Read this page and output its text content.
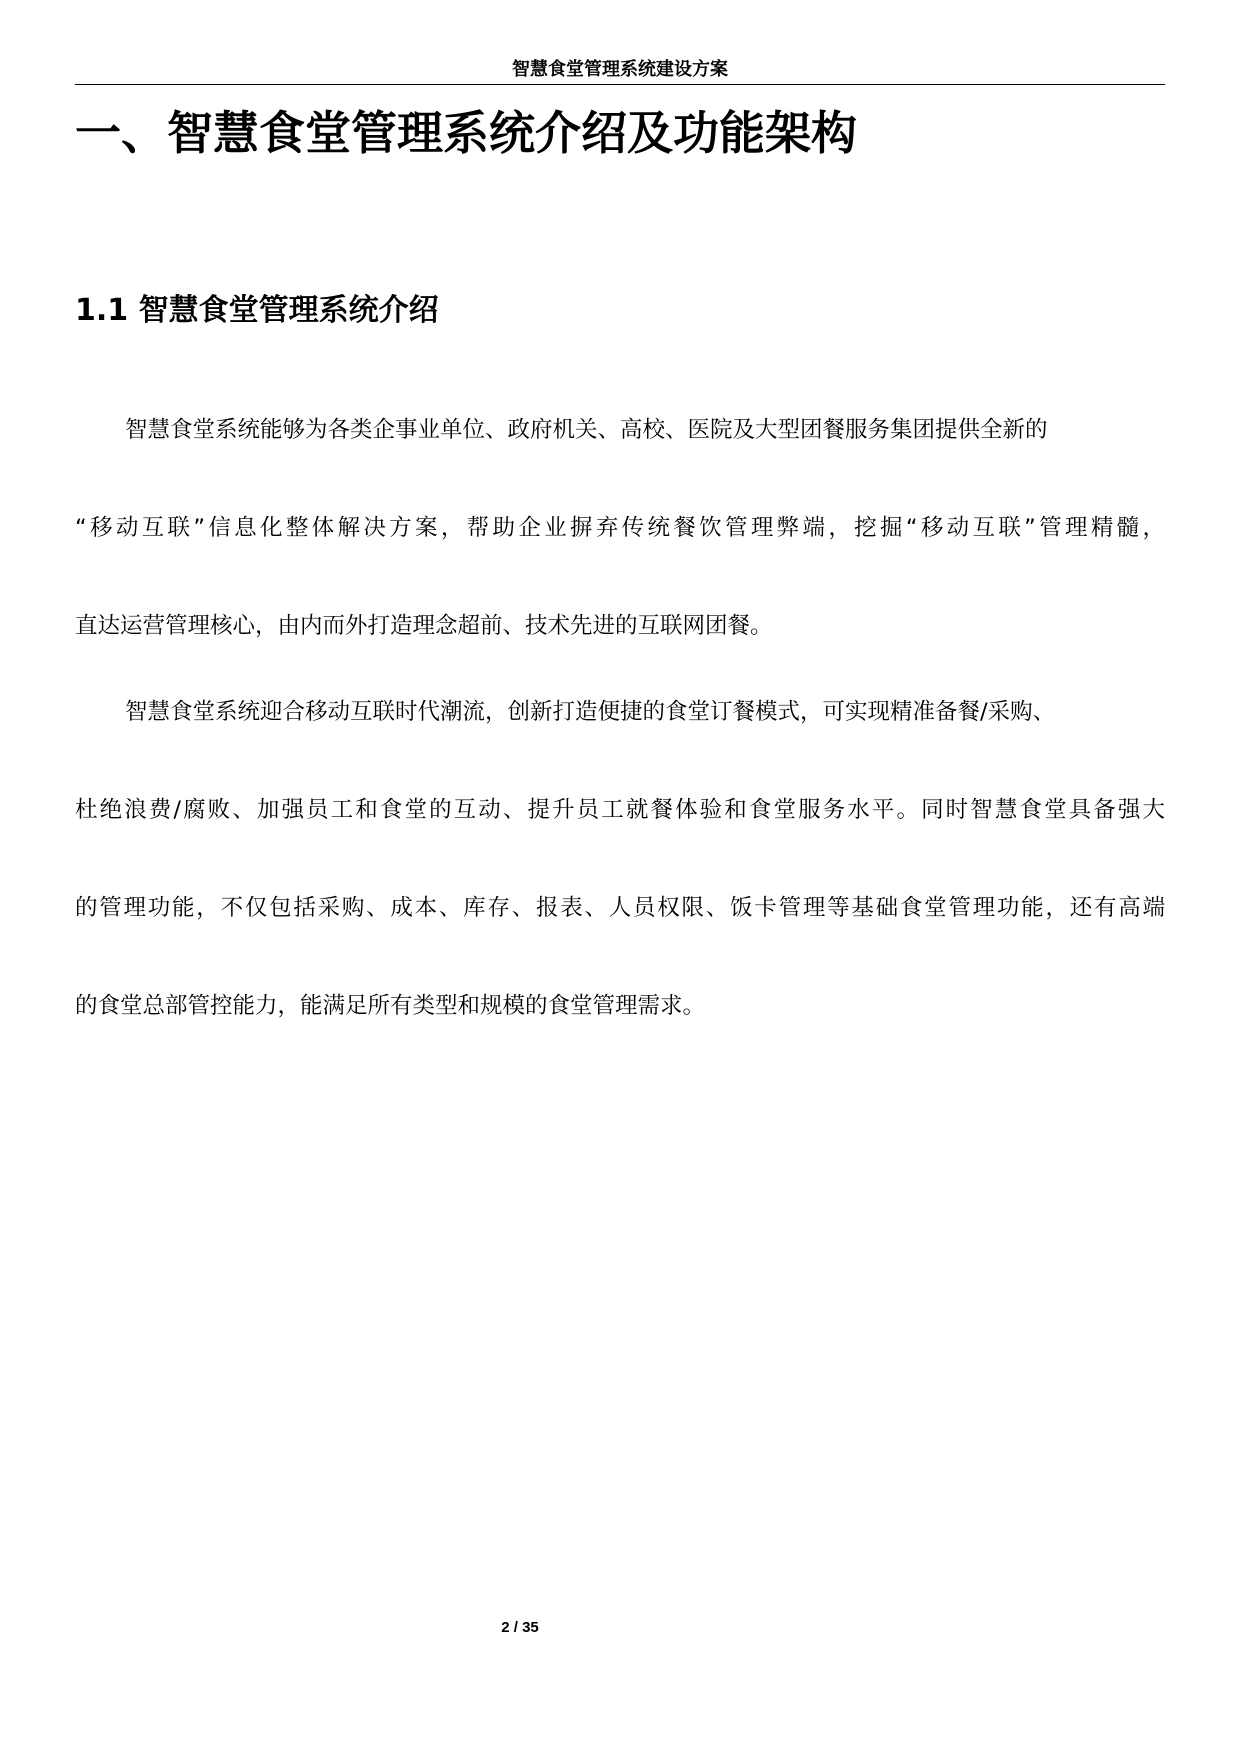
智慧食堂管理系统建设方案
一、智慧食堂管理系统介绍及功能架构
1.1 智慧食堂管理系统介绍
智慧食堂系统能够为各类企事业单位、政府机关、高校、医院及大型团餐服务集团提供全新的
“移动互联”信息化整体解决方案，帮助企业摒弃传统餐饮管理弊端，挖掘“移动互联”管理精髓，
直达运营管理核心，由内而外打造理念超前、技术先进的互联网团餐。
智慧食堂系统迎合移动互联时代潮流，创新打造便捷的食堂订餐模式，可实现精准备餐/采购、
杜绝浪费/腐败、加强员工和食堂的互动、提升员工就餐体验和食堂服务水平。同时智慧食堂具备强大
的管理功能，不仅包括采购、成本、库存、报表、人员权限、饭卡管理等基础食堂管理功能，还有高端
的食堂总部管控能力，能满足所有类型和规模的食堂管理需求。
2 / 35
